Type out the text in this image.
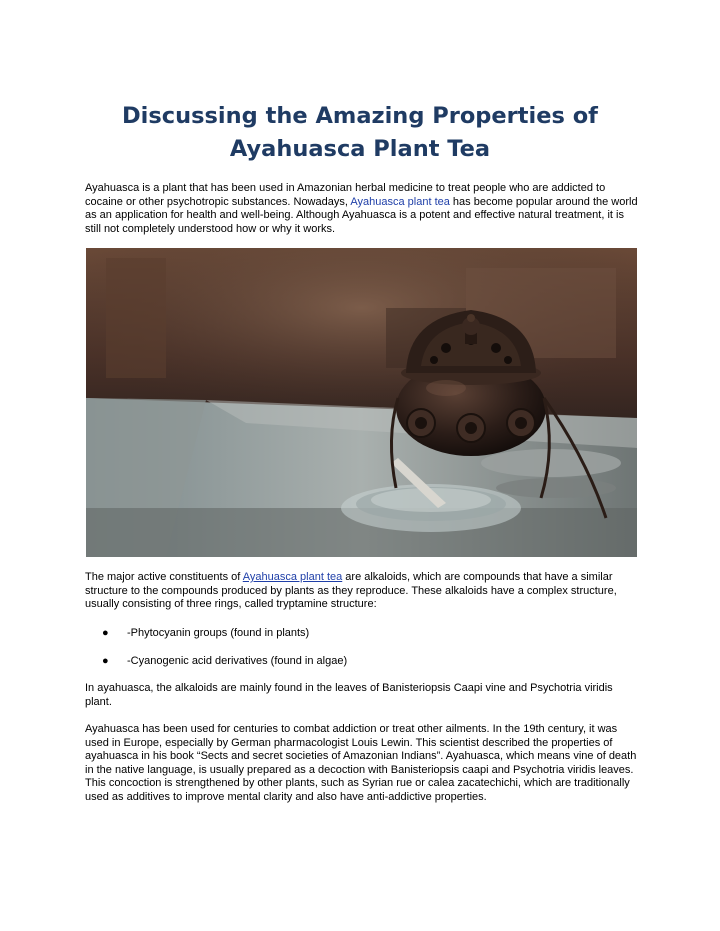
Discussing the Amazing Properties of Ayahuasca Plant Tea

Ayahuasca is a plant that has been used in Amazonian herbal medicine to treat people who are addicted to cocaine or other psychotropic substances. Nowadays, Ayahuasca plant tea has become popular around the world as an application for health and well-being. Although Ayahuasca is a potent and effective natural treatment, it is still not completely understood how or why it works.

The major active constituents of Ayahuasca plant tea are alkaloids, which are compounds that have a similar structure to the compounds produced by plants as they reproduce. These alkaloids have a complex structure, usually consisting of three rings, called tryptamine structure:

● -Phytocyanin groups (found in plants)
● -Cyanogenic acid derivatives (found in algae)

In ayahuasca, the alkaloids are mainly found in the leaves of Banisteriopsis Caapi vine and Psychotria viridis plant.

Ayahuasca has been used for centuries to combat addiction or treat other ailments. In the 19th century, it was used in Europe, especially by German pharmacologist Louis Lewin. This scientist described the properties of ayahuasca in his book “Sects and secret societies of Amazonian Indians”. Ayahuasca, which means vine of death in the native language, is usually prepared as a decoction with Banisteriopsis caapi and Psychotria viridis leaves. This concoction is strengthened by other plants, such as Syrian rue or calea zacatechichi, which are traditionally used as additives to improve mental clarity and also have anti-addictive properties.
